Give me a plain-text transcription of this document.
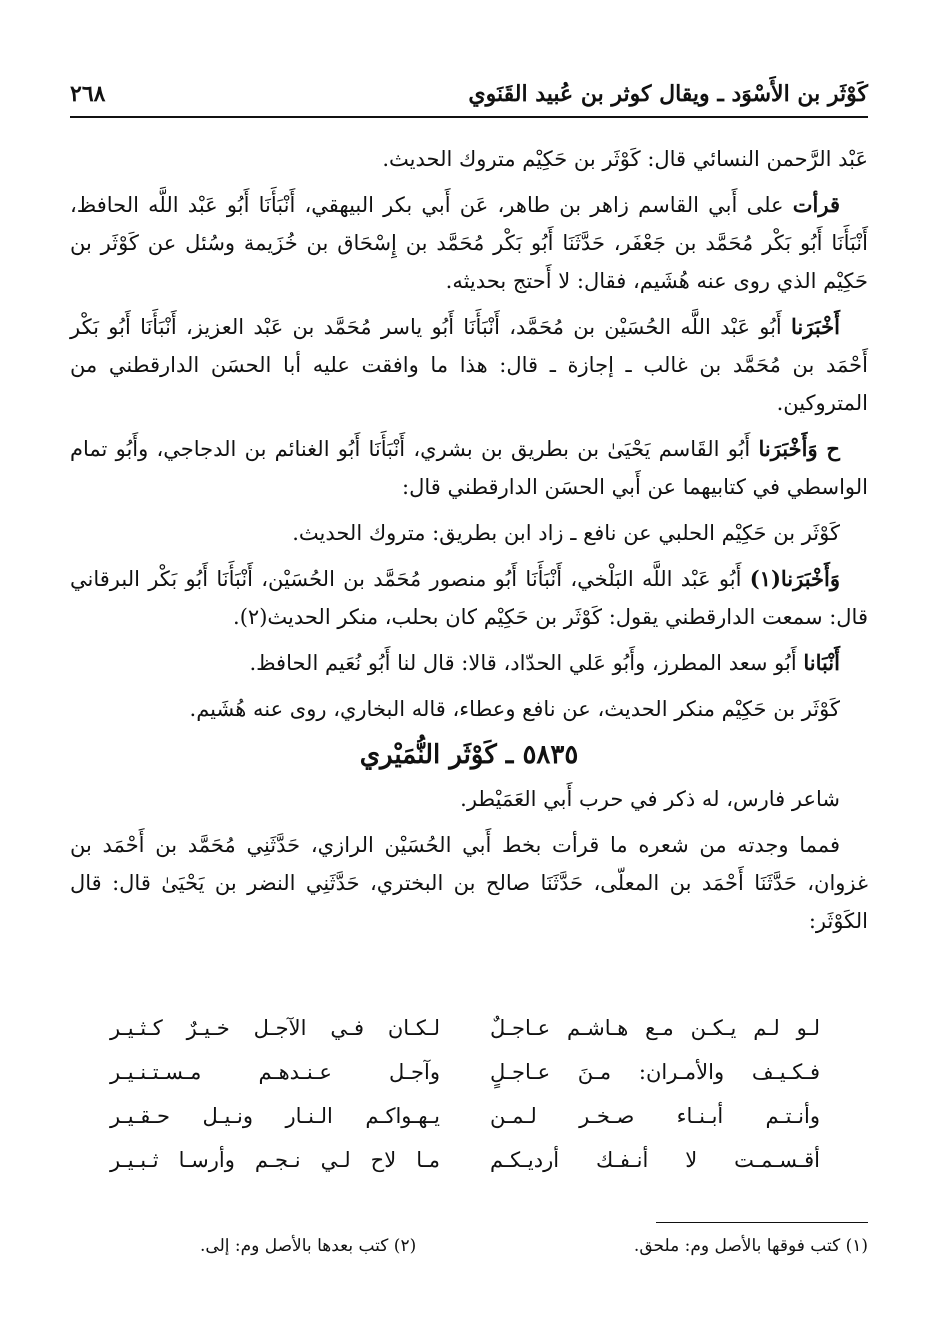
كَوْثَر بن الأَسْوَد ـ ويقال كوثر بن عُبيد القَنَوي
٢٦٨

عَبْد الرَّحمن النسائي قال: كَوْثَر بن حَكِيْم متروك الحديث.

قرأت على أَبي القاسم زاهر بن طاهر، عَن أَبي بكر البيهقي، أَنْبَأَنَا أَبُو عَبْد اللَّه الحافظ، أَنْبَأَنَا أَبُو بَكْر مُحَمَّد بن جَعْفَر، حَدَّثَنَا أَبُو بَكْر مُحَمَّد بن إِسْحَاق بن خُزَيمة وسُئل عن كَوْثَر بن حَكِيْم الذي روى عنه هُشَيم، فقال: لا أَحتج بحديثه.

أَخْبَرَنا أَبُو عَبْد اللَّه الحُسَيْن بن مُحَمَّد، أَنْبَأَنَا أَبُو ياسر مُحَمَّد بن عَبْد العزيز، أَنْبَأَنَا أَبُو بَكْر أَحْمَد بن مُحَمَّد بن غالب ـ إجازة ـ قال: هذا ما وافقت عليه أبا الحسَن الدارقطني من المتروكين.

ح وَأَخْبَرَنا أَبُو القَاسم يَحْيَىٰ بن بطريق بن بشري، أَنْبَأَنَا أَبُو الغنائم بن الدجاجي، وأَبُو تمام الواسطي في كتابيهما عن أَبي الحسَن الدارقطني قال:

كَوْثَر بن حَكِيْم الحلبي عن نافع ـ زاد ابن بطريق: متروك الحديث.

وَأَخْبَرَنا(١) أَبُو عَبْد اللَّه البَلْخي، أَنْبَأَنَا أَبُو منصور مُحَمَّد بن الحُسَيْن، أَنْبَأَنَا أَبُو بَكْر البرقاني قال: سمعت الدارقطني يقول: كَوْثَر بن حَكِيْم كان بحلب، منكر الحديث(٢).

أَنْبَانا أَبُو سعد المطرز، وأَبُو عَلي الحدّاد، قالا: قال لنا أَبُو نُعَيم الحافظ.

كَوْثَر بن حَكِيْم منكر الحديث، عن نافع وعطاء، قاله البخاري، روى عنه هُشَيم.

٥٨٣٥ ـ كَوْثَر النُّمَيْري

شاعر فارس، له ذكر في حرب أَبي العَمَيْطر.

فمما وجدته من شعره ما قرأت بخط أَبي الحُسَيْن الرازي، حَدَّثَنِي مُحَمَّد بن أَحْمَد بن غزوان، حَدَّثَنَا أَحْمَد بن المعلّى، حَدَّثَنَا صالح بن البختري، حَدَّثَنِي النضر بن يَحْيَىٰ قال: قال الكَوْثَر:

لـو لـم يـكـن مـع هـاشـم عـاجـلٌ
لـكـان فـي الآجـل خـيـرٌ كـثـيـر
فـكـيـف والأمـران: مـنَ عـاجـلٍ
وآجـل عـنـدهـم مـسـتـنـيـر
وأنـتـم أبـنـاء صـخـر لـمـن
يـهـواكـم الـنـار ونـيـل حـقـيـر
أقـسـمـت لا أنـفـك أرديـكـم
مـا لاح لـي نـجـم وأرسـا ثـبـيـر
(١) كتب فوقها بالأصل وم: ملحق.
(٢) كتب بعدها بالأصل وم: إلى.
